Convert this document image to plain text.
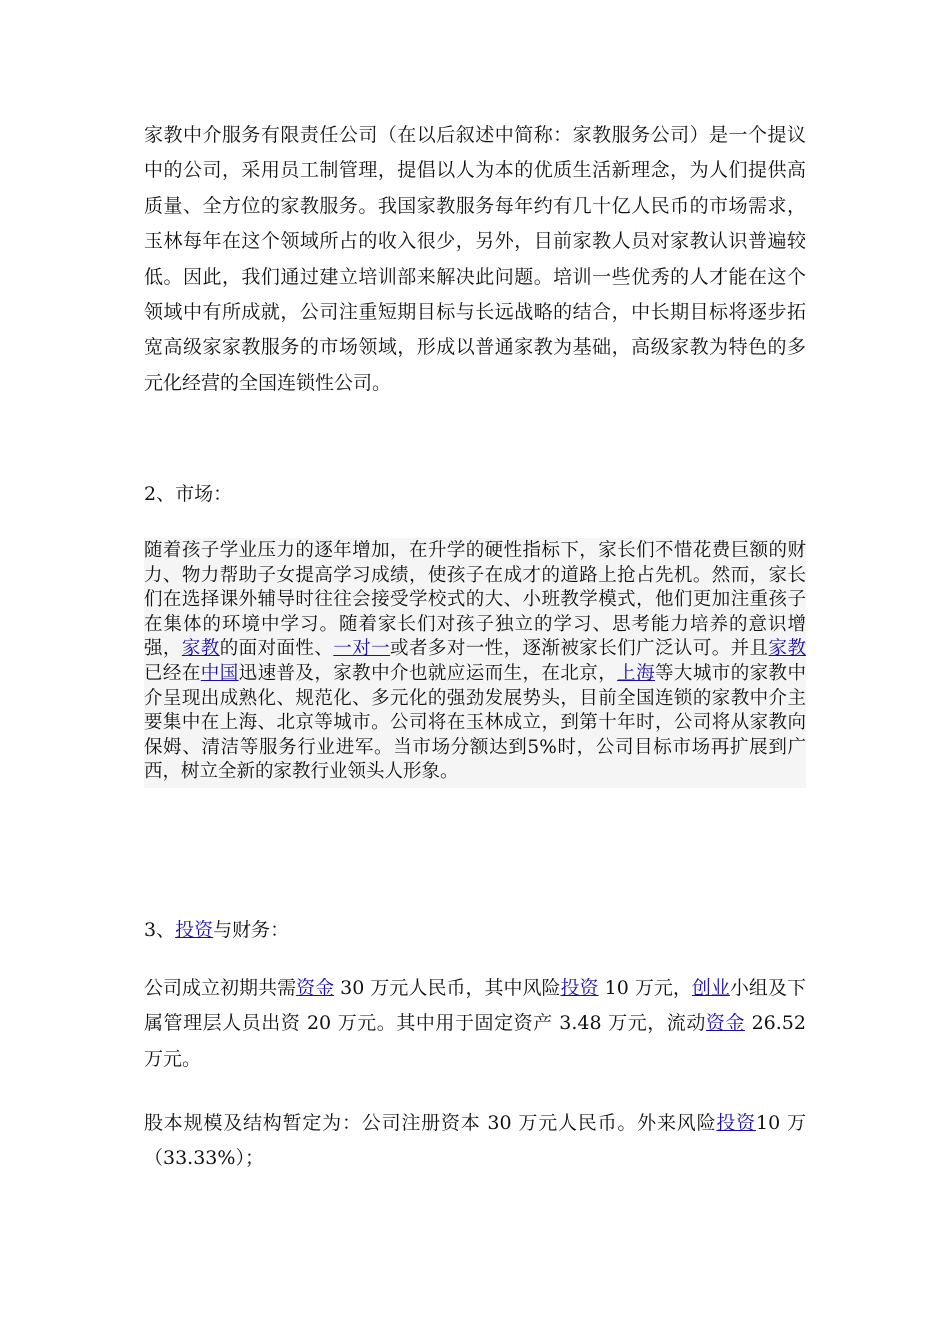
家教中介服务有限责任公司（在以后叙述中简称：家教服务公司）是一个提议中的公司，采用员工制管理，提倡以人为本的优质生活新理念，为人们提供高质量、全方位的家教服务。我国家教服务每年约有几十亿人民币的市场需求，玉林每年在这个领域所占的收入很少，另外，目前家教人员对家教认识普遍较低。因此，我们通过建立培训部来解决此问题。培训一些优秀的人才能在这个领域中有所成就，公司注重短期目标与长远战略的结合，中长期目标将逐步拓宽高级家家教服务的市场领域，形成以普通家教为基础，高级家教为特色的多元化经营的全国连锁性公司。

2、市场：

随着孩子学业压力的逐年增加，在升学的硬性指标下，家长们不惜花费巨额的财力、物力帮助子女提高学习成绩，使孩子在成才的道路上抢占先机。然而，家长们在选择课外辅导时往往会接受学校式的大、小班教学模式，他们更加注重孩子在集体的环境中学习。随着家长们对孩子独立的学习、思考能力培养的意识增强，家教的面对面性、一对一或者多对一性，逐渐被家长们广泛认可。并且家教已经在中国迅速普及，家教中介也就应运而生，在北京，上海等大城市的家教中介呈现出成熟化、规范化、多元化的强劲发展势头，目前全国连锁的家教中介主要集中在上海、北京等城市。公司将在玉林成立，到第十年时，公司将从家教向保姆、清洁等服务行业进军。当市场分额达到5%时，公司目标市场再扩展到广西，树立全新的家教行业领头人形象。

3、投资与财务：

公司成立初期共需资金 30 万元人民币，其中风险投资 10 万元，创业小组及下属管理层人员出资 20 万元。其中用于固定资产 3.48 万元，流动资金 26.52 万元。

股本规模及结构暂定为：公司注册资本 30 万元人民币。外来风险投资10 万（33.33%）；
